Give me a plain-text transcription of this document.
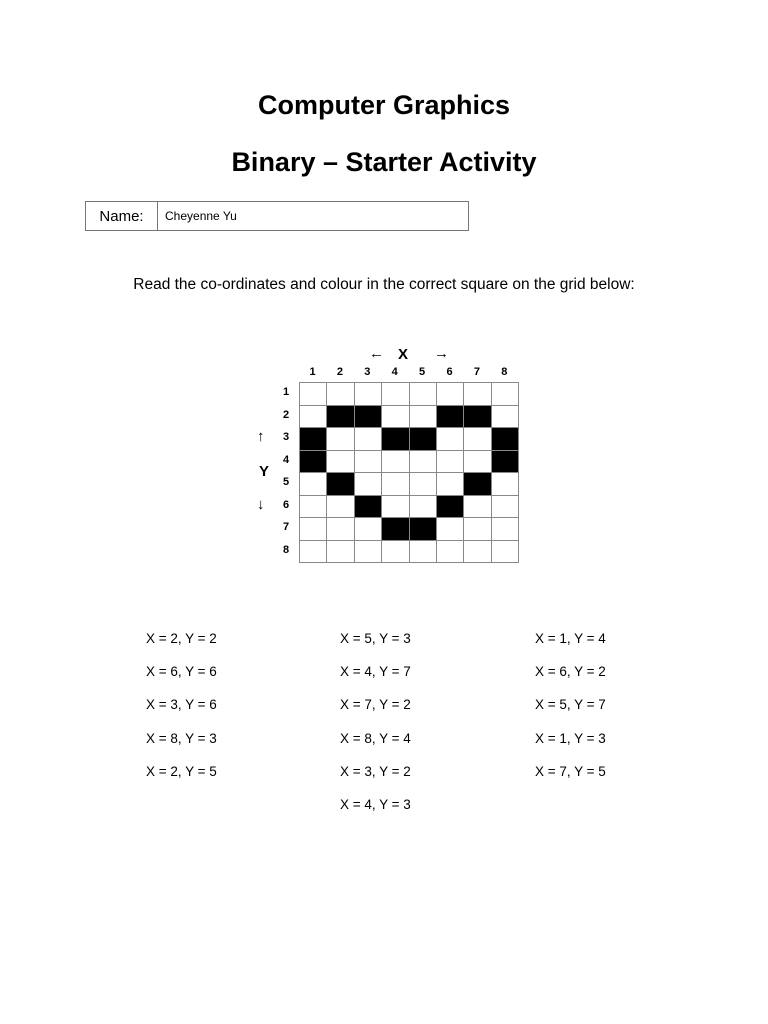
Computer Graphics
Binary – Starter Activity
Name:	Cheyenne Yu
Read the co-ordinates and colour in the correct square on the grid below:
← X →
↑
Y
↓
1	2	3	4	5	6	7	8
1
2
3
4
5
6
7
8
X = 2, Y = 2
X = 6, Y = 6
X = 3, Y = 6
X = 8, Y = 3
X = 2, Y = 5
X = 5, Y = 3
X = 4, Y = 7
X = 7, Y = 2
X = 8, Y = 4
X = 3, Y = 2
X = 4, Y = 3
X = 1, Y = 4
X = 6, Y = 2
X = 5, Y = 7
X = 1, Y = 3
X = 7, Y = 5
